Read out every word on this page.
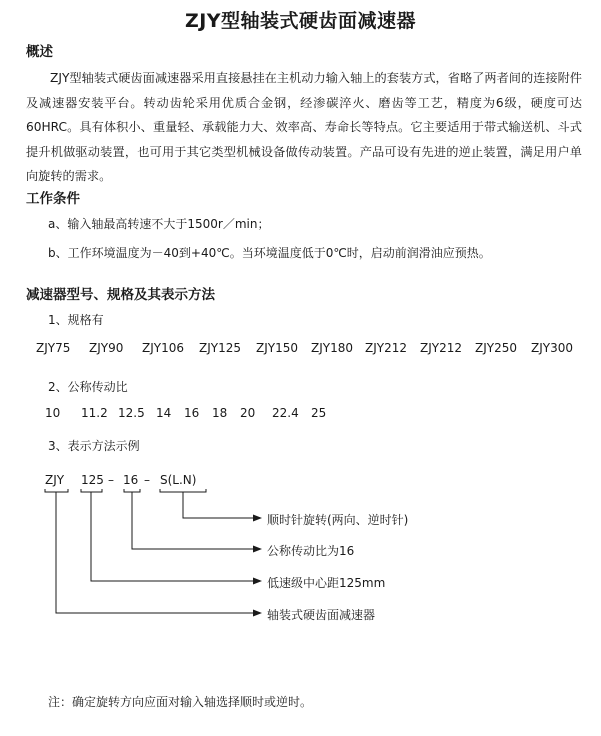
ZJY型轴装式硬齿面减速器
概述
ZJY型轴装式硬齿面减速器采用直接悬挂在主机动力输入轴上的套装方式，省略了两者间的连接附件及减速器安装平台。转动齿轮采用优质合金钢，经渗碳淬火、磨齿等工艺，精度为6级，硬度可达60HRC。具有体积小、重量轻、承载能力大、效率高、寿命长等特点。它主要适用于带式输送机、斗式提升机做驱动装置，也可用于其它类型机械设备做传动装置。产品可设有先进的逆止装置，满足用户单向旋转的需求。
工作条件
a、输入轴最高转速不大于1500r／min；
b、工作环境温度为－40到+40℃。当环境温度低于0℃时，启动前润滑油应预热。
减速器型号、规格及其表示方法
1、规格有
ZJY75	ZJY90	ZJY106	ZJY125	ZJY150	ZJY180	ZJY212	ZJY212	ZJY250	ZJY300
2、公称传动比
10	11.2 12.5 14	16	18	20	22.4	25
3、表示方法示例
ZJY 125 – 16 – S(L.N)
顺时针旋转(两向、逆时针)
公称传动比为16
低速级中心距125mm
轴装式硬齿面减速器
注：确定旋转方向应面对输入轴选择顺时或逆时。
